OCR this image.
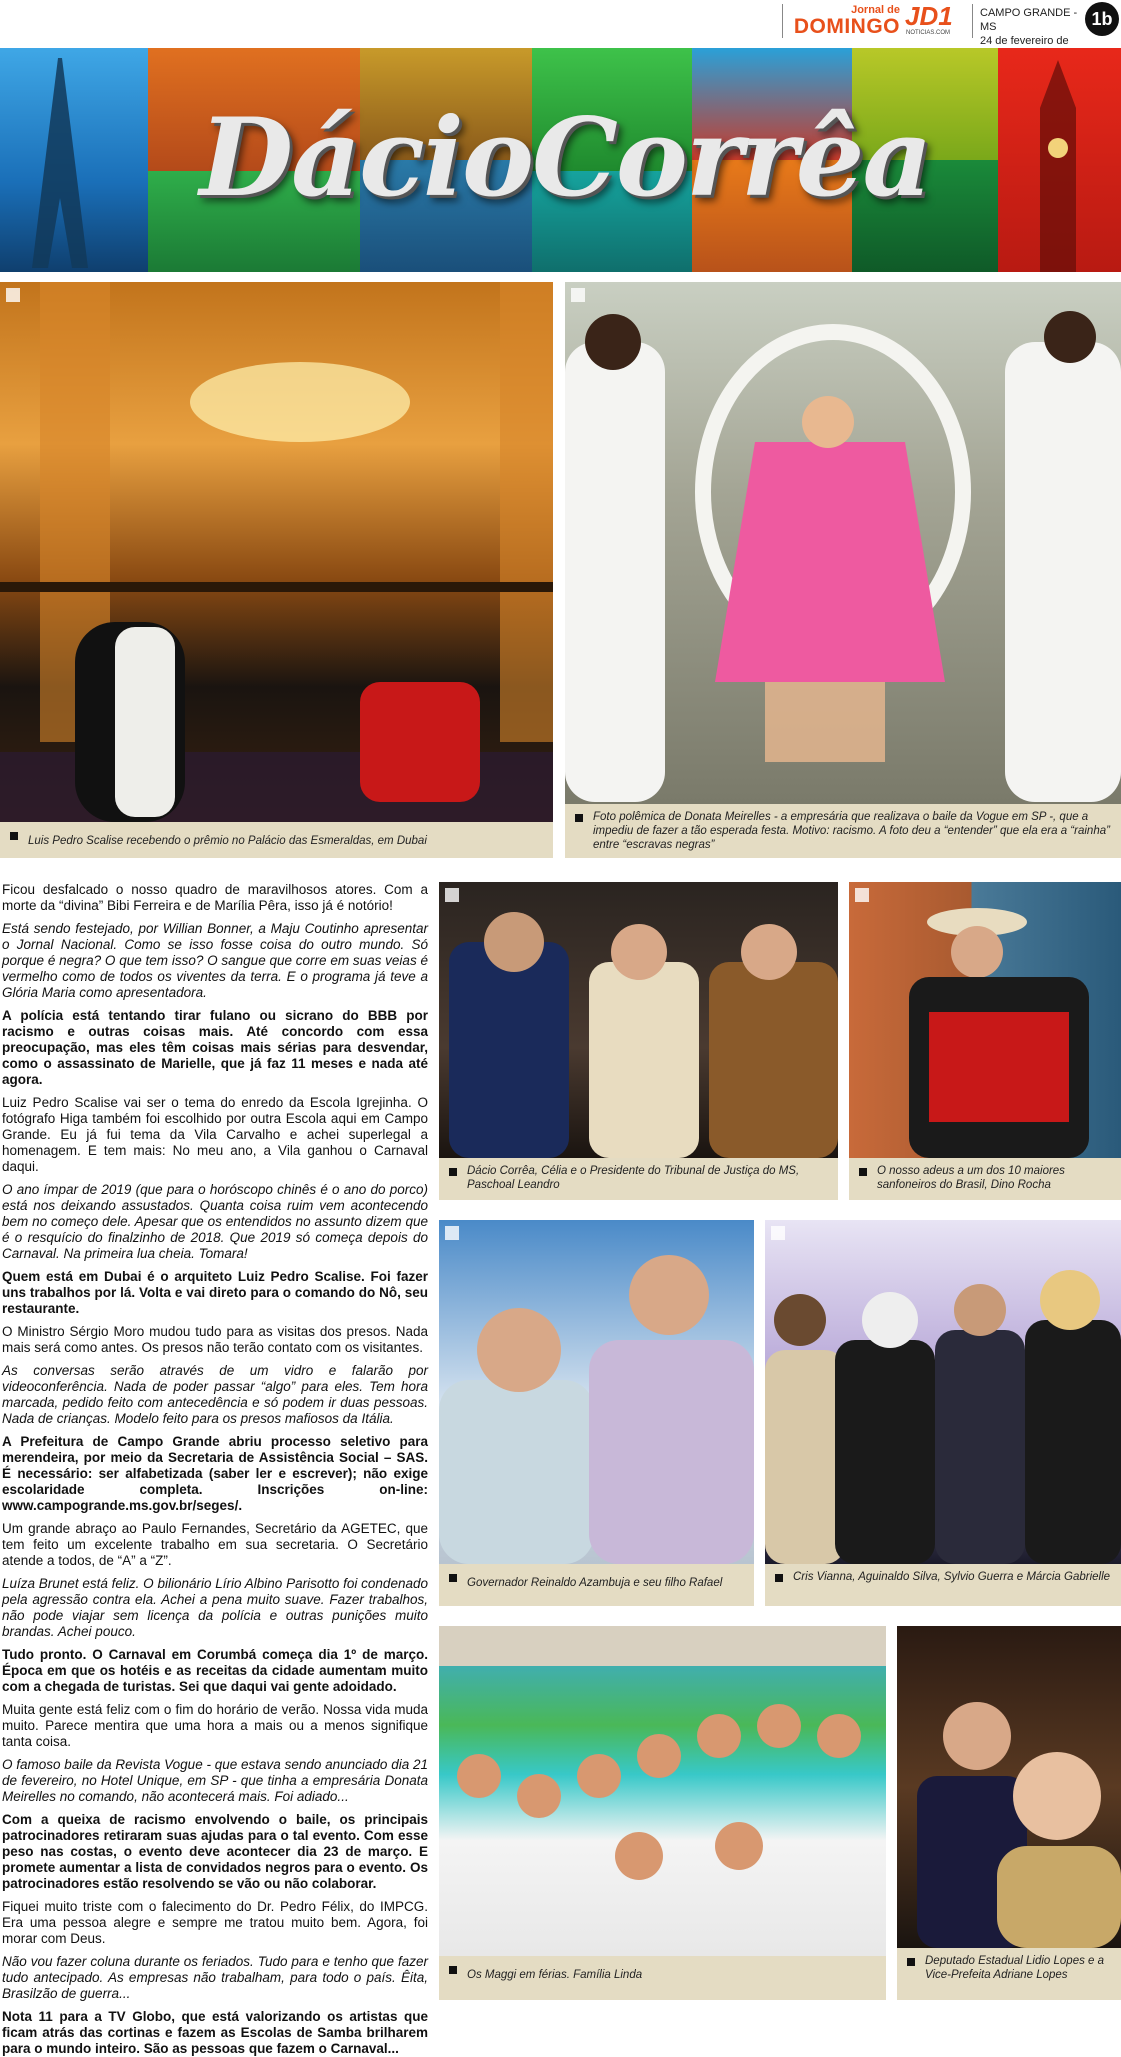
Jornal de
DOMINGO JD1
NOTICIAS.COM
CAMPO GRANDE - MS
24 de fevereiro de
1b
DácioCorrêa
Luis Pedro Scalise recebendo o prêmio no Palácio das Esmeraldas, em Dubai
Foto polêmica de Donata Meirelles - a empresária que realizava o baile da Vogue em SP -, que a impediu de fazer a tão esperada festa. Motivo: racismo. A foto deu a “entender” que ela era a “rainha” entre “escravas negras”

Ficou desfalcado o nosso quadro de maravilhosos atores. Com a morte da “divina” Bibi Ferreira e de Marília Pêra, isso já é notório!

Está sendo festejado, por Willian Bonner, a Maju Coutinho apresentar o Jornal Nacional. Como se isso fosse coisa do outro mundo. Só porque é negra? O que tem isso? O sangue que corre em suas veias é vermelho como de todos os viventes da terra. E o programa já teve a Glória Maria como apresentadora.

A polícia está tentando tirar fulano ou sicrano do BBB por racismo e outras coisas mais. Até concordo com essa preocupação, mas eles têm coisas mais sérias para desvendar, como o assassinato de Marielle, que já faz 11 meses e nada até agora.

Luiz Pedro Scalise vai ser o tema do enredo da Escola Igrejinha. O fotógrafo Higa também foi escolhido por outra Escola aqui em Campo Grande. Eu já fui tema da Vila Carvalho e achei superlegal a homenagem. E tem mais: No meu ano, a Vila ganhou o Carnaval daqui.

O ano ímpar de 2019 (que para o horóscopo chinês é o ano do porco) está nos deixando assustados. Quanta coisa ruim vem acontecendo bem no começo dele. Apesar que os entendidos no assunto dizem que é o resquício do finalzinho de 2018. Que 2019 só começa depois do Carnaval. Na primeira lua cheia. Tomara!

Quem está em Dubai é o arquiteto Luiz Pedro Scalise. Foi fazer uns trabalhos por lá. Volta e vai direto para o comando do Nô, seu restaurante.

O Ministro Sérgio Moro mudou tudo para as visitas dos presos. Nada mais será como antes. Os presos não terão contato com os visitantes.

As conversas serão através de um vidro e falarão por videoconferência. Nada de poder passar “algo” para eles. Tem hora marcada, pedido feito com antecedência e só podem ir duas pessoas. Nada de crianças. Modelo feito para os presos mafiosos da Itália.

A Prefeitura de Campo Grande abriu processo seletivo para merendeira, por meio da Secretaria de Assistência Social – SAS. É necessário: ser alfabetizada (saber ler e escrever); não exige escolaridade completa. Inscrições on-line: www.campogrande.ms.gov.br/seges/.

Um grande abraço ao Paulo Fernandes, Secretário da AGETEC, que tem feito um excelente trabalho em sua secretaria. O Secretário atende a todos, de “A” a “Z”.

Luíza Brunet está feliz. O bilionário Lírio Albino Parisotto foi condenado pela agressão contra ela. Achei a pena muito suave. Fazer trabalhos, não pode viajar sem licença da polícia e outras punições muito brandas. Achei pouco.

Tudo pronto. O Carnaval em Corumbá começa dia 1º de março. Época em que os hotéis e as receitas da cidade aumentam muito com a chegada de turistas. Sei que daqui vai gente adoidado.

Muita gente está feliz com o fim do horário de verão. Nossa vida muda muito. Parece mentira que uma hora a mais ou a menos signifique tanta coisa.

O famoso baile da Revista Vogue - que estava sendo anunciado dia 21 de fevereiro, no Hotel Unique, em SP - que tinha a empresária Donata Meirelles no comando, não acontecerá mais. Foi adiado...

Com a queixa de racismo envolvendo o baile, os principais patrocinadores retiraram suas ajudas para o tal evento. Com esse peso nas costas, o evento deve acontecer dia 23 de março. E promete aumentar a lista de convidados negros para o evento. Os patrocinadores estão resolvendo se vão ou não colaborar.

Fiquei muito triste com o falecimento do Dr. Pedro Félix, do IMPCG. Era uma pessoa alegre e sempre me tratou muito bem. Agora, foi morar com Deus.

Não vou fazer coluna durante os feriados. Tudo para e tenho que fazer tudo antecipado. As empresas não trabalham, para todo o país. Êita, Brasilzão de guerra...

Nota 11 para a TV Globo, que está valorizando os artistas que ficam atrás das cortinas e fazem as Escolas de Samba brilharem para o mundo inteiro. São as pessoas que fazem o Carnaval...

Dácio Corrêa, Célia e o Presidente do Tribunal de Justiça do MS, Paschoal Leandro
O nosso adeus a um dos 10 maiores sanfoneiros do Brasil, Dino Rocha
Governador Reinaldo Azambuja e seu filho Rafael	Cris Vianna, Aguinaldo Silva, Sylvio Guerra e Márcia Gabrielle
Os Maggi em férias. Família Linda
Deputado Estadual Lidio Lopes e a Vice-Prefeita Adriane Lopes
